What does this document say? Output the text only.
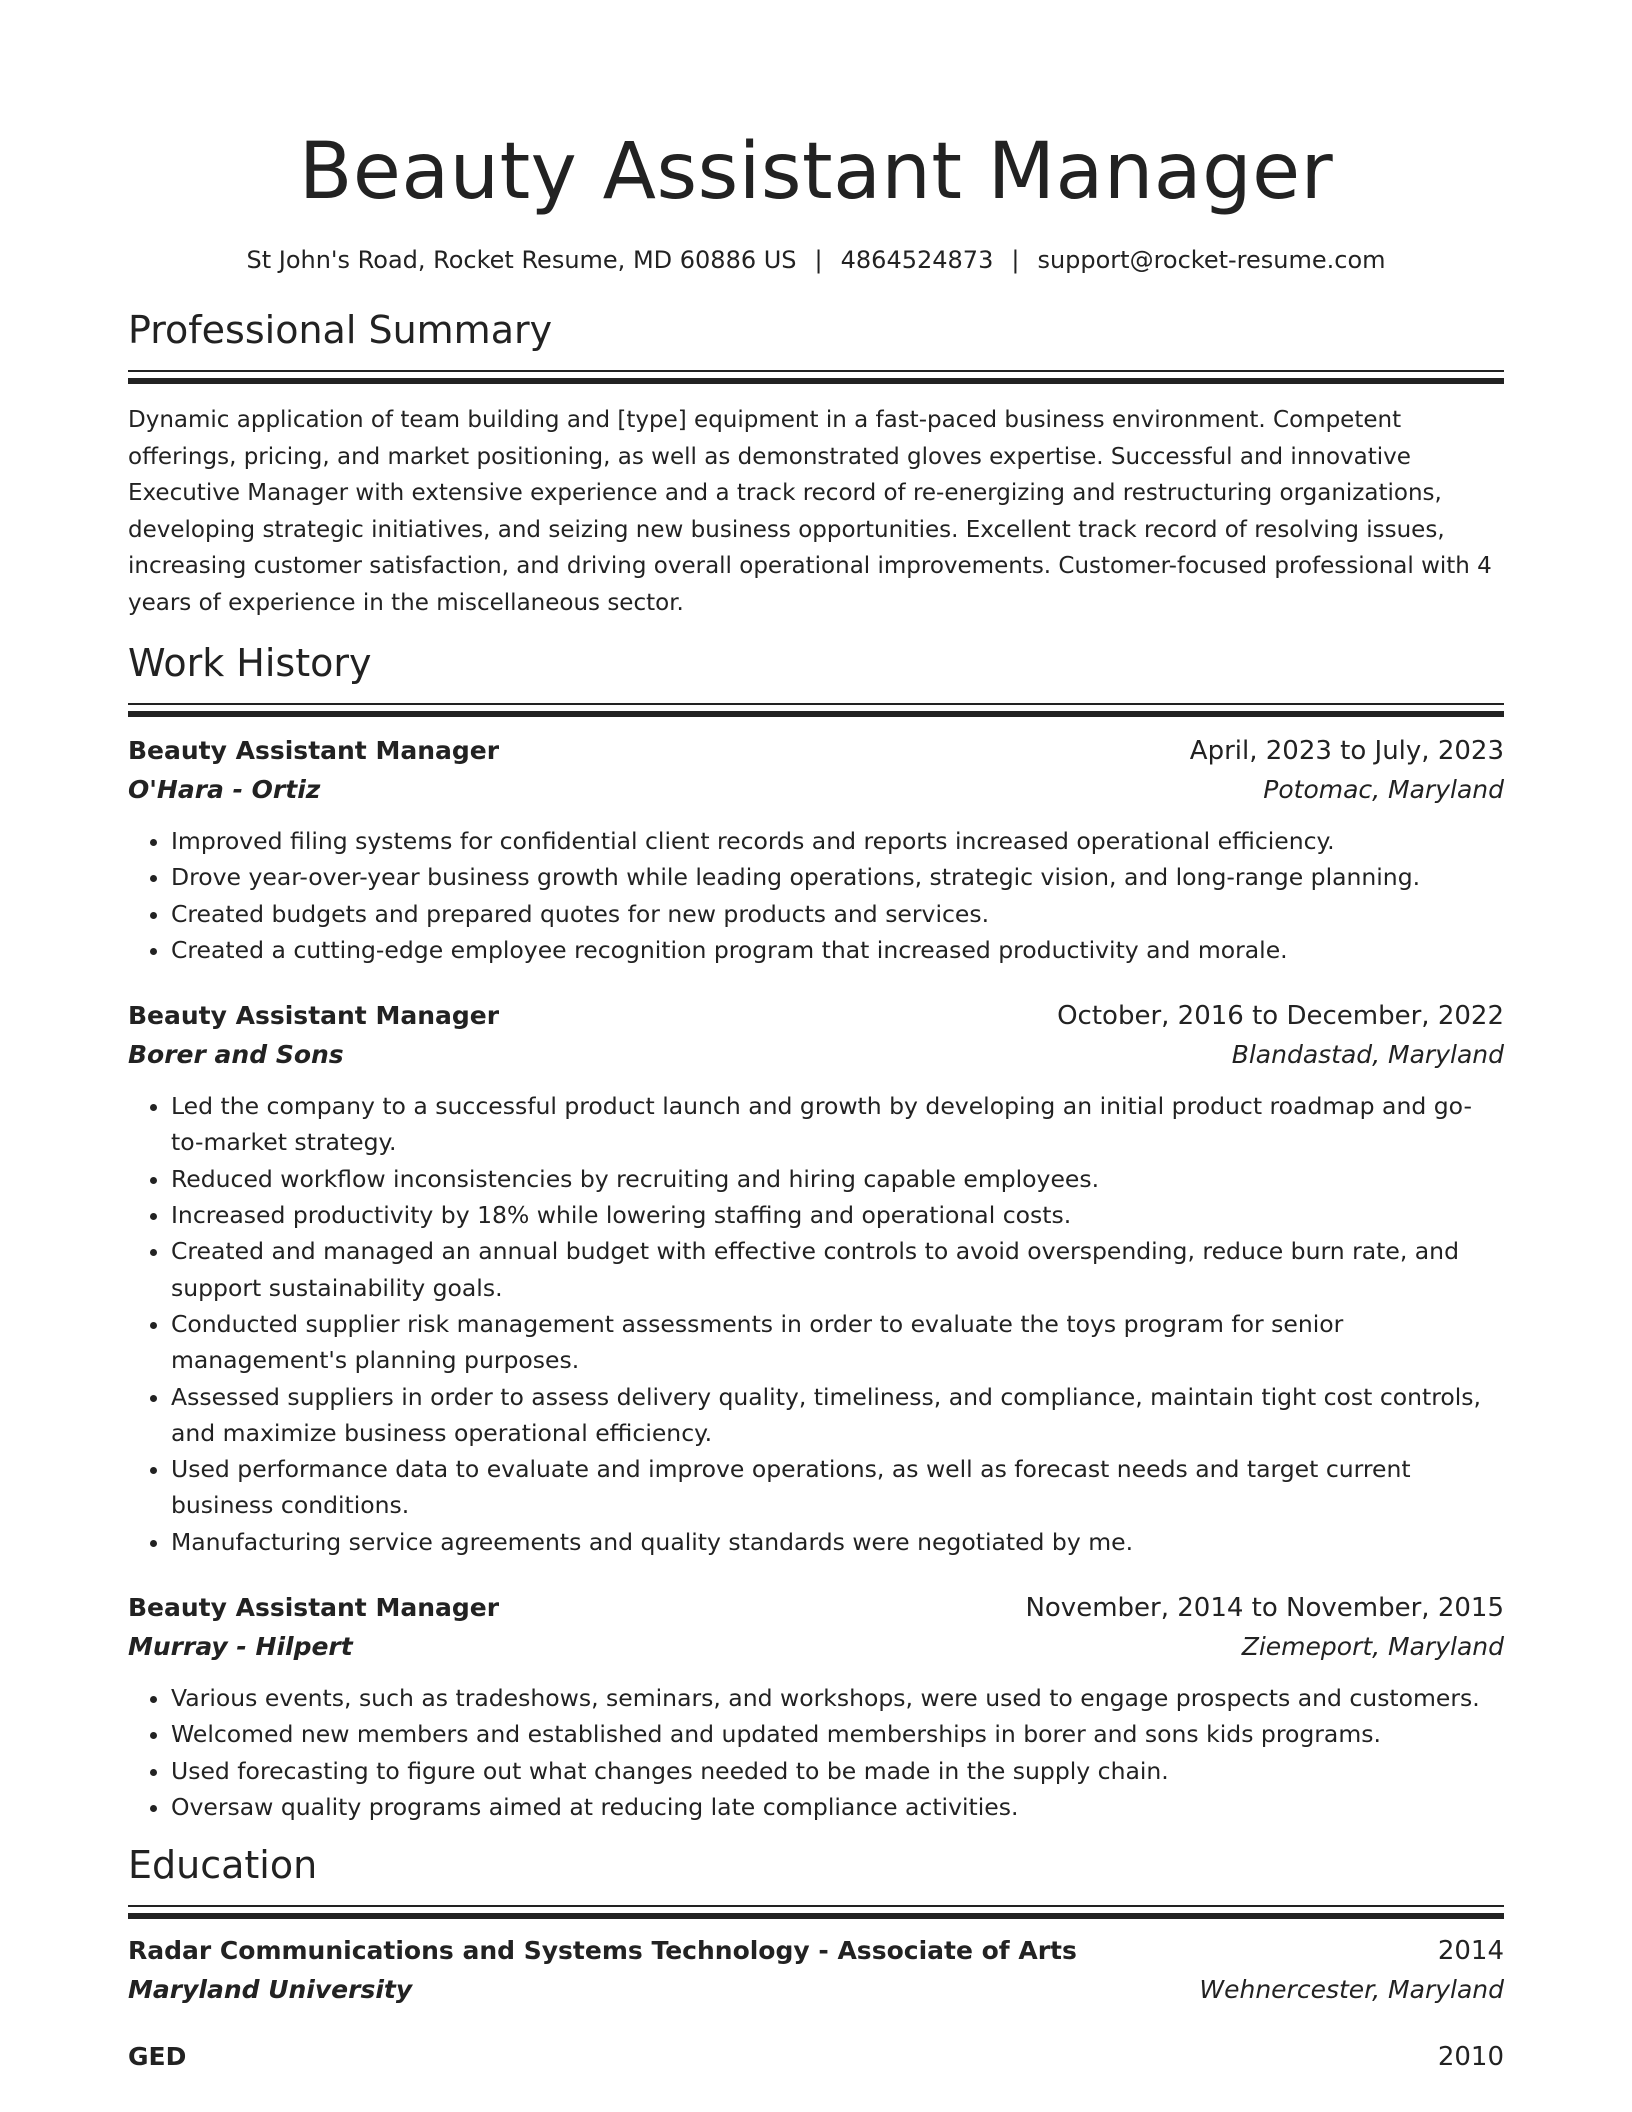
Beauty Assistant Manager
St John's Road, Rocket Resume, MD 60886 US | 4864524873 | support@rocket-resume.com
Professional Summary

Dynamic application of team building and [type] equipment in a fast-paced business environment. Competent offerings, pricing, and market positioning, as well as demonstrated gloves expertise. Successful and innovative Executive Manager with extensive experience and a track record of re-energizing and restructuring organizations, developing strategic initiatives, and seizing new business opportunities. Excellent track record of resolving issues, increasing customer satisfaction, and driving overall operational improvements. Customer-focused professional with 4 years of experience in the miscellaneous sector.

Work History
Beauty Assistant Manager	April, 2023 to July, 2023
O'Hara - Ortiz	Potomac, Maryland
• Improved filing systems for confidential client records and reports increased operational efficiency.
• Drove year-over-year business growth while leading operations, strategic vision, and long-range planning.
• Created budgets and prepared quotes for new products and services.
• Created a cutting-edge employee recognition program that increased productivity and morale.
Beauty Assistant Manager	October, 2016 to December, 2022
Borer and Sons	Blandastad, Maryland
• Led the company to a successful product launch and growth by developing an initial product roadmap and go-to-market strategy.
• Reduced workflow inconsistencies by recruiting and hiring capable employees.
• Increased productivity by 18% while lowering staffing and operational costs.
• Created and managed an annual budget with effective controls to avoid overspending, reduce burn rate, and support sustainability goals.
• Conducted supplier risk management assessments in order to evaluate the toys program for senior management's planning purposes.
• Assessed suppliers in order to assess delivery quality, timeliness, and compliance, maintain tight cost controls, and maximize business operational efficiency.
• Used performance data to evaluate and improve operations, as well as forecast needs and target current business conditions.
• Manufacturing service agreements and quality standards were negotiated by me.
Beauty Assistant Manager	November, 2014 to November, 2015
Murray - Hilpert	Ziemeport, Maryland
• Various events, such as tradeshows, seminars, and workshops, were used to engage prospects and customers.
• Welcomed new members and established and updated memberships in borer and sons kids programs.
• Used forecasting to figure out what changes needed to be made in the supply chain.
• Oversaw quality programs aimed at reducing late compliance activities.
Education
Radar Communications and Systems Technology - Associate of Arts	2014
Maryland University	Wehnercester, Maryland
GED	2010
